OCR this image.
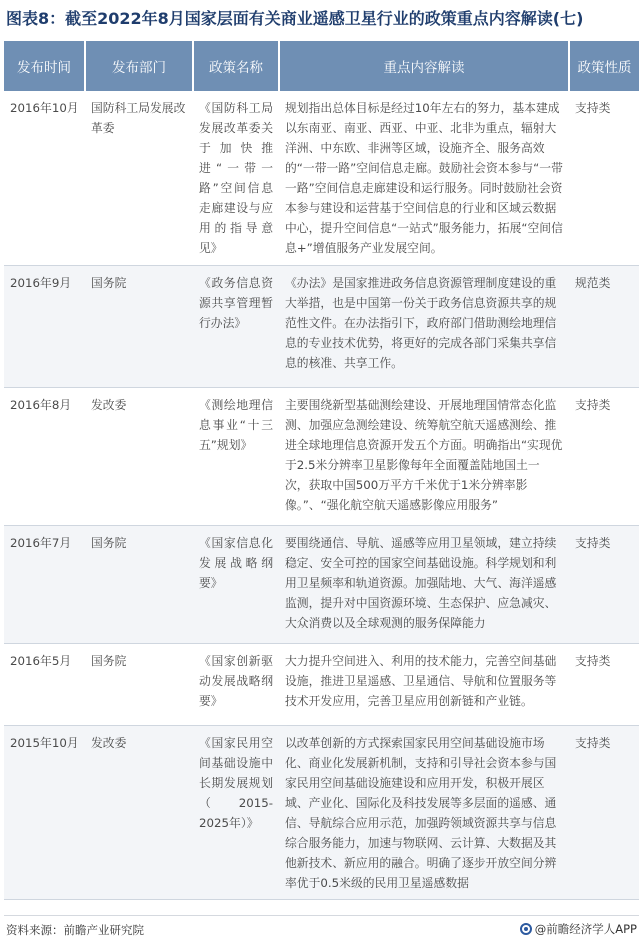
图表8：截至2022年8月国家层面有关商业遥感卫星行业的政策重点内容解读(七)
发布时间	发布部门	政策名称	重点内容解读	政策性质
2016年10月	国防科工局发展改革委	《国防科工局发展改革委关于加快推进“一带一路”空间信息走廊建设与应用的指导意见》	规划指出总体目标是经过10年左右的努力，基本建成以东南亚、南亚、西亚、中亚、北非为重点，辐射大洋洲、中东欧、非洲等区域，设施齐全、服务高效的“一带一路”空间信息走廊。鼓励社会资本参与“一带一路”空间信息走廊建设和运行服务。同时鼓励社会资本参与建设和运营基于空间信息的行业和区域云数据中心，提升空间信息“一站式”服务能力，拓展“空间信息+”增值服务产业发展空间。	支持类
2016年9月	国务院	《政务信息资源共享管理暂行办法》	《办法》是国家推进政务信息资源管理制度建设的重大举措，也是中国第一份关于政务信息资源共享的规范性文件。在办法指引下，政府部门借助测绘地理信息的专业技术优势，将更好的完成各部门采集共享信息的核准、共享工作。	规范类
2016年8月	发改委	《测绘地理信息事业“十三五”规划》	主要围绕新型基础测绘建设、开展地理国情常态化监测、加强应急测绘建设、统筹航空航天遥感测绘、推进全球地理信息资源开发五个方面。明确指出“实现优于2.5米分辨率卫星影像每年全面覆盖陆地国土一次，获取中国500万平方千米优于1米分辨率影像。”、“强化航空航天遥感影像应用服务”	支持类
2016年7月	国务院	《国家信息化发展战略纲要》	要围绕通信、导航、遥感等应用卫星领域，建立持续稳定、安全可控的国家空间基础设施。科学规划和利用卫星频率和轨道资源。加强陆地、大气、海洋遥感监测，提升对中国资源环境、生态保护、应急减灾、大众消费以及全球观测的服务保障能力	支持类
2016年5月	国务院	《国家创新驱动发展战略纲要》	大力提升空间进入、利用的技术能力，完善空间基础设施，推进卫星遥感、卫星通信、导航和位置服务等技术开发应用，完善卫星应用创新链和产业链。	支持类
2015年10月	发改委	《国家民用空间基础设施中长期发展规划（2015-2025年）》	以改革创新的方式探索国家民用空间基础设施市场化、商业化发展新机制，支持和引导社会资本参与国家民用空间基础设施建设和应用开发，积极开展区域、产业化、国际化及科技发展等多层面的遥感、通信、导航综合应用示范，加强跨领域资源共享与信息综合服务能力，加速与物联网、云计算、大数据及其他新技术、新应用的融合。明确了逐步开放空间分辨率优于0.5米级的民用卫星遥感数据	支持类
资料来源：前瞻产业研究院	@前瞻经济学人APP
